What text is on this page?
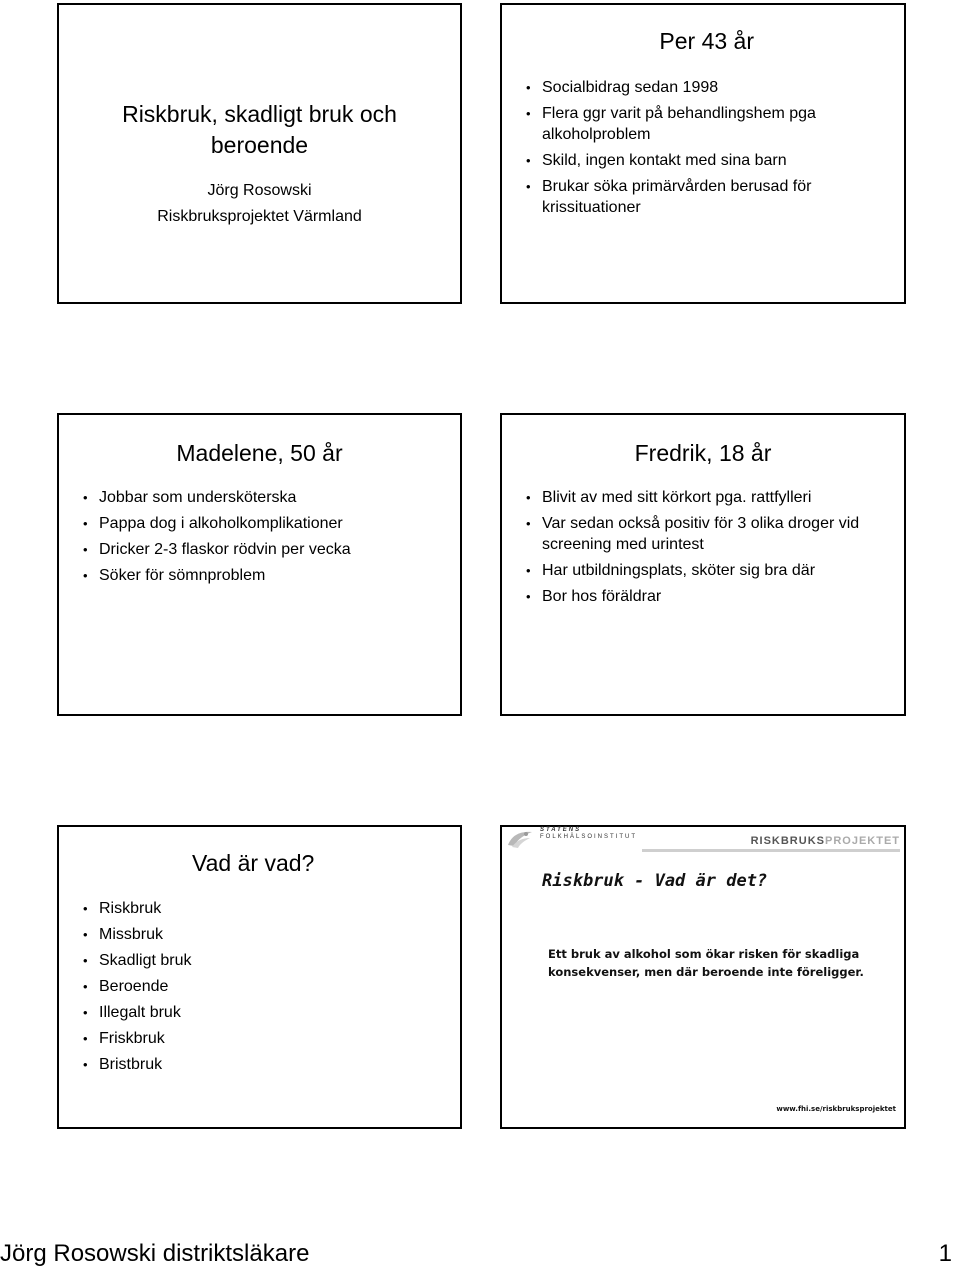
Riskbruk, skadligt bruk och
beroende
Jörg Rosowski
Riskbruksprojektet Värmland
Per 43 år
• Socialbidrag sedan 1998
• Flera ggr varit på behandlingshem pga alkoholproblem
• Skild, ingen kontakt med sina barn
• Brukar söka primärvården berusad för krissituationer
Madelene, 50 år
• Jobbar som undersköterska
• Pappa dog i alkoholkomplikationer
• Dricker 2-3 flaskor rödvin per vecka
• Söker för sömnproblem
Fredrik, 18 år
• Blivit av med sitt körkort pga. rattfylleri
• Var sedan också positiv för 3 olika droger vid screening med urintest
• Har utbildningsplats, sköter sig bra där
• Bor hos föräldrar
Vad är vad?
• Riskbruk
• Missbruk
• Skadligt bruk
• Beroende
• Illegalt bruk
• Friskbruk
• Bristbruk
STATENS
FOLKHÄLSOINSTITUT	RISKBRUKSPROJEKTET
Riskbruk - Vad är det?
Ett bruk av alkohol som ökar risken för skadliga konsekvenser, men där beroende inte föreligger.
www.fhi.se/riskbruksprojektet
Jörg Rosowski distriktsläkare	1
